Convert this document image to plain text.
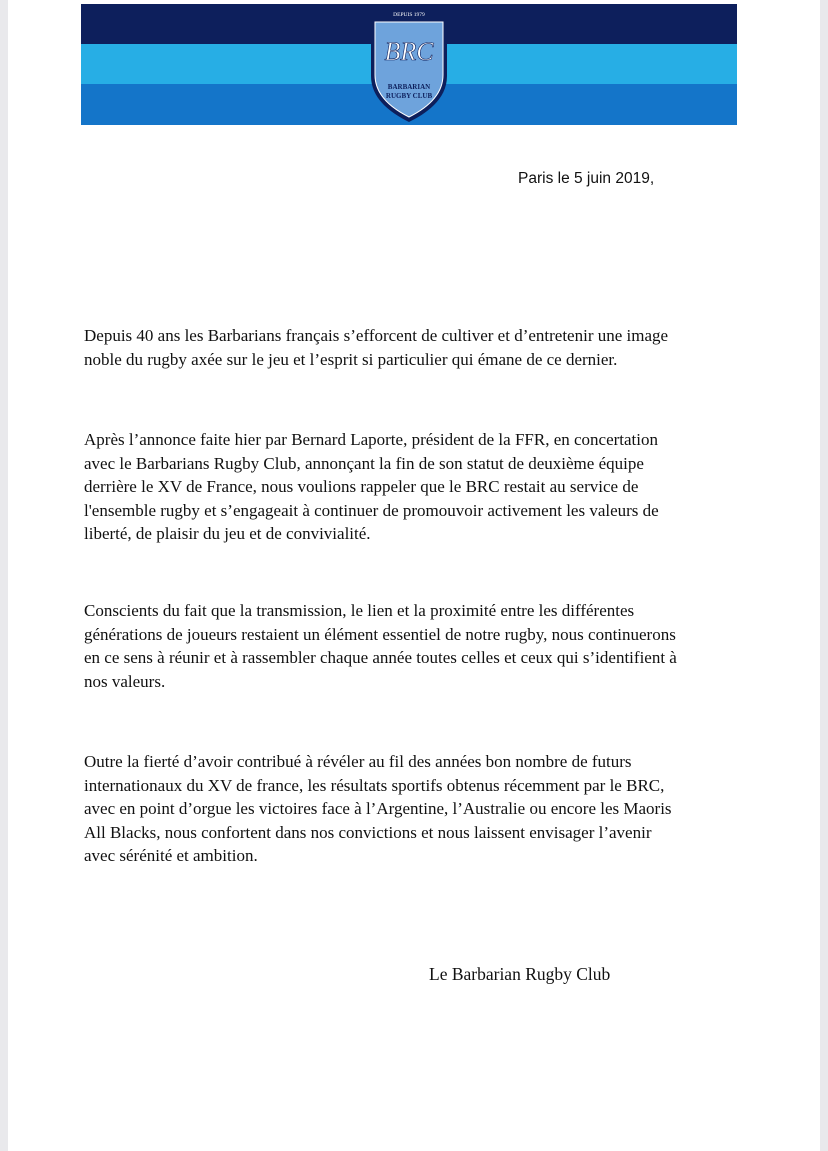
DEPUIS 1979
BRC
BARBARIAN
RUGBY CLUB
Paris le 5 juin 2019,

Depuis 40 ans les Barbarians français s’efforcent de cultiver et d’entretenir une image
noble du rugby axée sur le jeu et l’esprit si particulier qui émane de ce dernier.

Après l’annonce faite hier par Bernard Laporte, président de la FFR, en concertation
avec le Barbarians Rugby Club, annonçant la fin de son statut de deuxième équipe
derrière le XV de France, nous voulions rappeler que le BRC restait au service de
l'ensemble rugby et s’engageait à continuer de promouvoir activement les valeurs de
liberté, de plaisir du jeu et de convivialité.

Conscients du fait que la transmission, le lien et la proximité entre les différentes
générations de joueurs restaient un élément essentiel de notre rugby, nous continuerons
en ce sens à réunir et à rassembler chaque année toutes celles et ceux qui s’identifient à
nos valeurs.

Outre la fierté d’avoir contribué à révéler au fil des années bon nombre de futurs
internationaux du XV de france, les résultats sportifs obtenus récemment par le BRC,
avec en point d’orgue les victoires face à l’Argentine, l’Australie ou encore les Maoris
All Blacks, nous confortent dans nos convictions et nous laissent envisager l’avenir
avec sérénité et ambition.

Le Barbarian Rugby Club
